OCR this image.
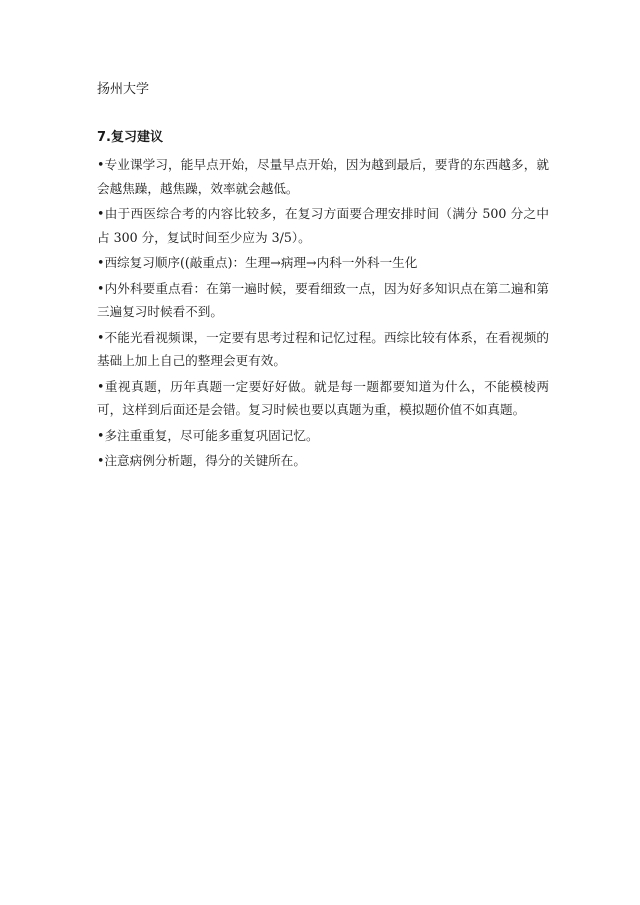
扬州大学
7.复习建议
•专业课学习，能早点开始，尽量早点开始，因为越到最后，要背的东西越多，就会越焦躁，越焦躁，效率就会越低。
•由于西医综合考的内容比较多，在复习方面要合理安排时间（满分 500 分之中占 300 分，复试时间至少应为 3/5）。
•西综复习顺序((敲重点)：生理→病理→内科一外科一生化
•内外科要重点看：在第一遍时候，要看细致一点，因为好多知识点在第二遍和第三遍复习时候看不到。
•不能光看视频课，一定要有思考过程和记忆过程。西综比较有体系，在看视频的基础上加上自己的整理会更有效。
•重视真题，历年真题一定要好好做。就是每一题都要知道为什么，不能模棱两可，这样到后面还是会错。复习时候也要以真题为重，模拟题价值不如真题。
•多注重重复，尽可能多重复巩固记忆。
•注意病例分析题，得分的关键所在。
